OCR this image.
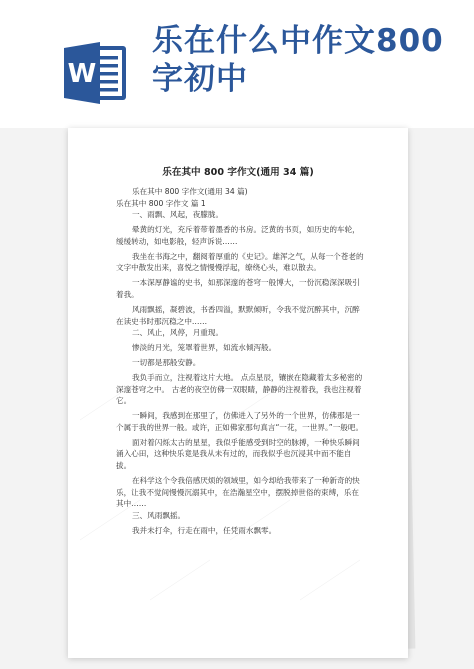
W
乐在什么中作文800字初中
乐在其中 800 字作文(通用 34 篇)

乐在其中 800 字作文(通用 34 篇)

乐在其中 800 字作文 篇 1

一、雨飘、风起，夜朦胧。

晕黄的灯光，充斥着带着墨香的书房。泛黄的书页，如历史的车轮，缓缓转动，如电影般，轻声诉说……

我坐在书海之中，翻阅着厚重的《史记》。雄浑之气，从每一个苍老的文字中散发出来，喜悦之情慢慢浮起，缭绕心头，难以散去。

一本深厚静谧的史书，如那深邃的苍穹一般博大，一份沉稳深深吸引着我。

风雨飘摇，凝碧波，书香四溢，默默倾听，令我不觉沉醉其中，沉醉在读史书时那沉稳之中……

二、风止，风停，月重现。

惨淡的月光，笼罩着世界，如流水倾泻般。

一切都是那般安静。

我负手而立，注视着这片大地。 点点星辰，镶嵌在隐藏着太多秘密的深邃苍穹之中。 古老的夜空仿佛一双眼睛，静静的注视着我，我也注视着它。

一瞬间，我感到在那里了，仿佛进入了另外的一个世界，仿佛那是一个属于我的世界一般。或许，正如佛家那句真言“一花，一世界。”一般吧。

面对着闪烁太古的星星，我似乎能感受到时空的脉搏，一种快乐瞬间涌入心田，这种快乐竟是我从未有过的，而我似乎也沉浸其中而不能自拔。

在科学这个令我倍感厌烦的领域里，如今却给我带来了一种新奇的快乐，让我不觉间慢慢沉溺其中，在浩瀚星空中，摆脱掉世俗的束缚，乐在其中……

三、风雨飘摇。

我并未打伞，行走在雨中，任凭雨水飘零。
